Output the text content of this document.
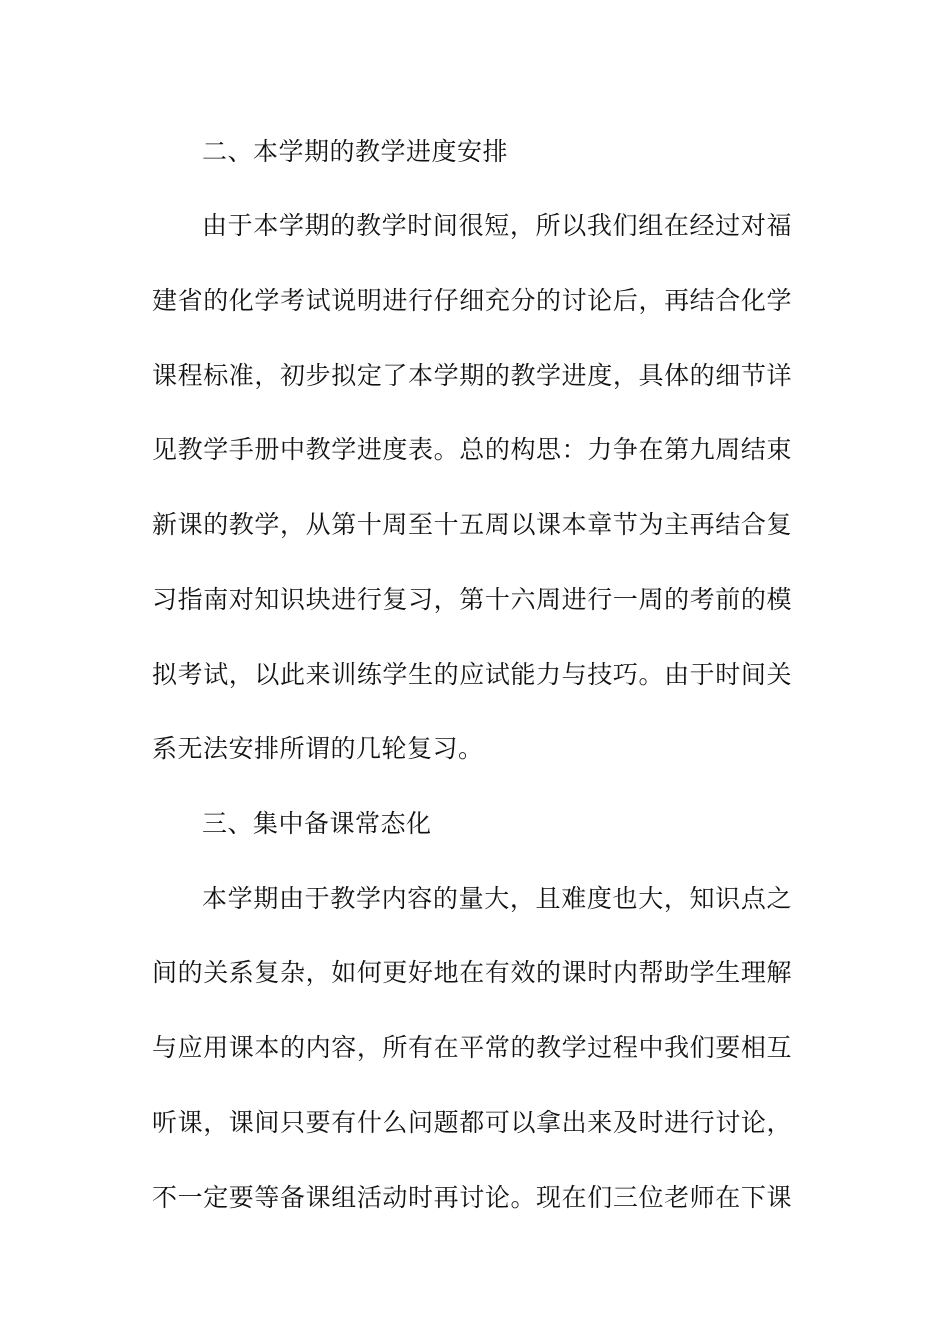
二、本学期的教学进度安排
由于本学期的教学时间很短，所以我们组在经过对福
建省的化学考试说明进行仔细充分的讨论后，再结合化学
课程标准，初步拟定了本学期的教学进度，具体的细节详
见教学手册中教学进度表。总的构思：力争在第九周结束
新课的教学，从第十周至十五周以课本章节为主再结合复
习指南对知识块进行复习，第十六周进行一周的考前的模
拟考试，以此来训练学生的应试能力与技巧。由于时间关
系无法安排所谓的几轮复习。
三、集中备课常态化
本学期由于教学内容的量大，且难度也大，知识点之
间的关系复杂，如何更好地在有效的课时内帮助学生理解
与应用课本的内容，所有在平常的教学过程中我们要相互
听课，课间只要有什么问题都可以拿出来及时进行讨论，
不一定要等备课组活动时再讨论。现在们三位老师在下课
